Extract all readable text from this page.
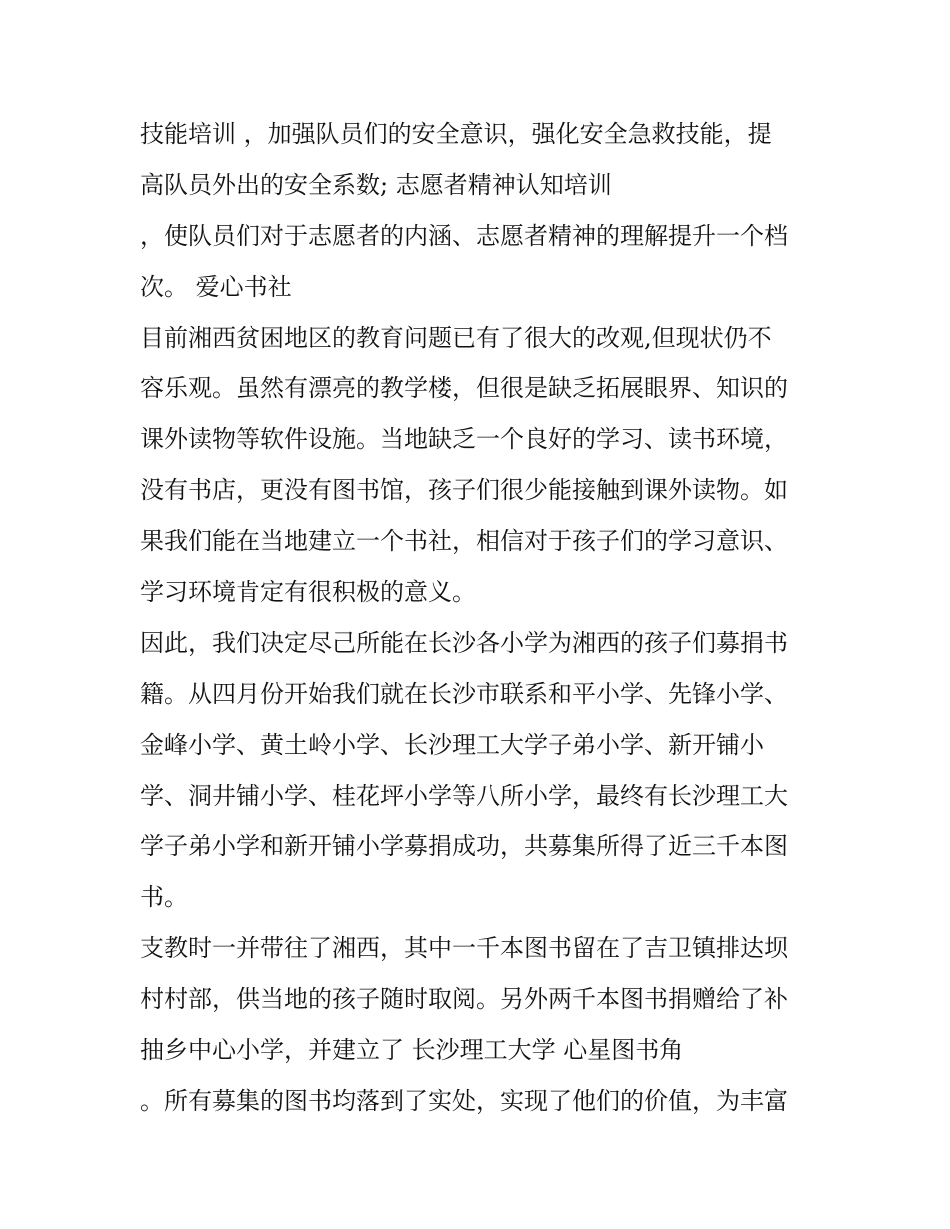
技能培训 ，加强队员们的安全意识，强化安全急救技能，提
高队员外出的安全系数; 志愿者精神认知培训
，使队员们对于志愿者的内涵、志愿者精神的理解提升一个档
次。 爱心书社
目前湘西贫困地区的教育问题已有了很大的改观,但现状仍不
容乐观。虽然有漂亮的教学楼，但很是缺乏拓展眼界、知识的
课外读物等软件设施。当地缺乏一个良好的学习、读书环境，
没有书店，更没有图书馆，孩子们很少能接触到课外读物。如
果我们能在当地建立一个书社，相信对于孩子们的学习意识、
学习环境肯定有很积极的意义。
因此，我们决定尽己所能在长沙各小学为湘西的孩子们募捐书
籍。从四月份开始我们就在长沙市联系和平小学、先锋小学、
金峰小学、黄土岭小学、长沙理工大学子弟小学、新开铺小
学、洞井铺小学、桂花坪小学等八所小学，最终有长沙理工大
学子弟小学和新开铺小学募捐成功，共募集所得了近三千本图
书。
支教时一并带往了湘西，其中一千本图书留在了吉卫镇排达坝
村村部，供当地的孩子随时取阅。另外两千本图书捐赠给了补
抽乡中心小学，并建立了 长沙理工大学 心星图书角
。所有募集的图书均落到了实处，实现了他们的价值，为丰富
